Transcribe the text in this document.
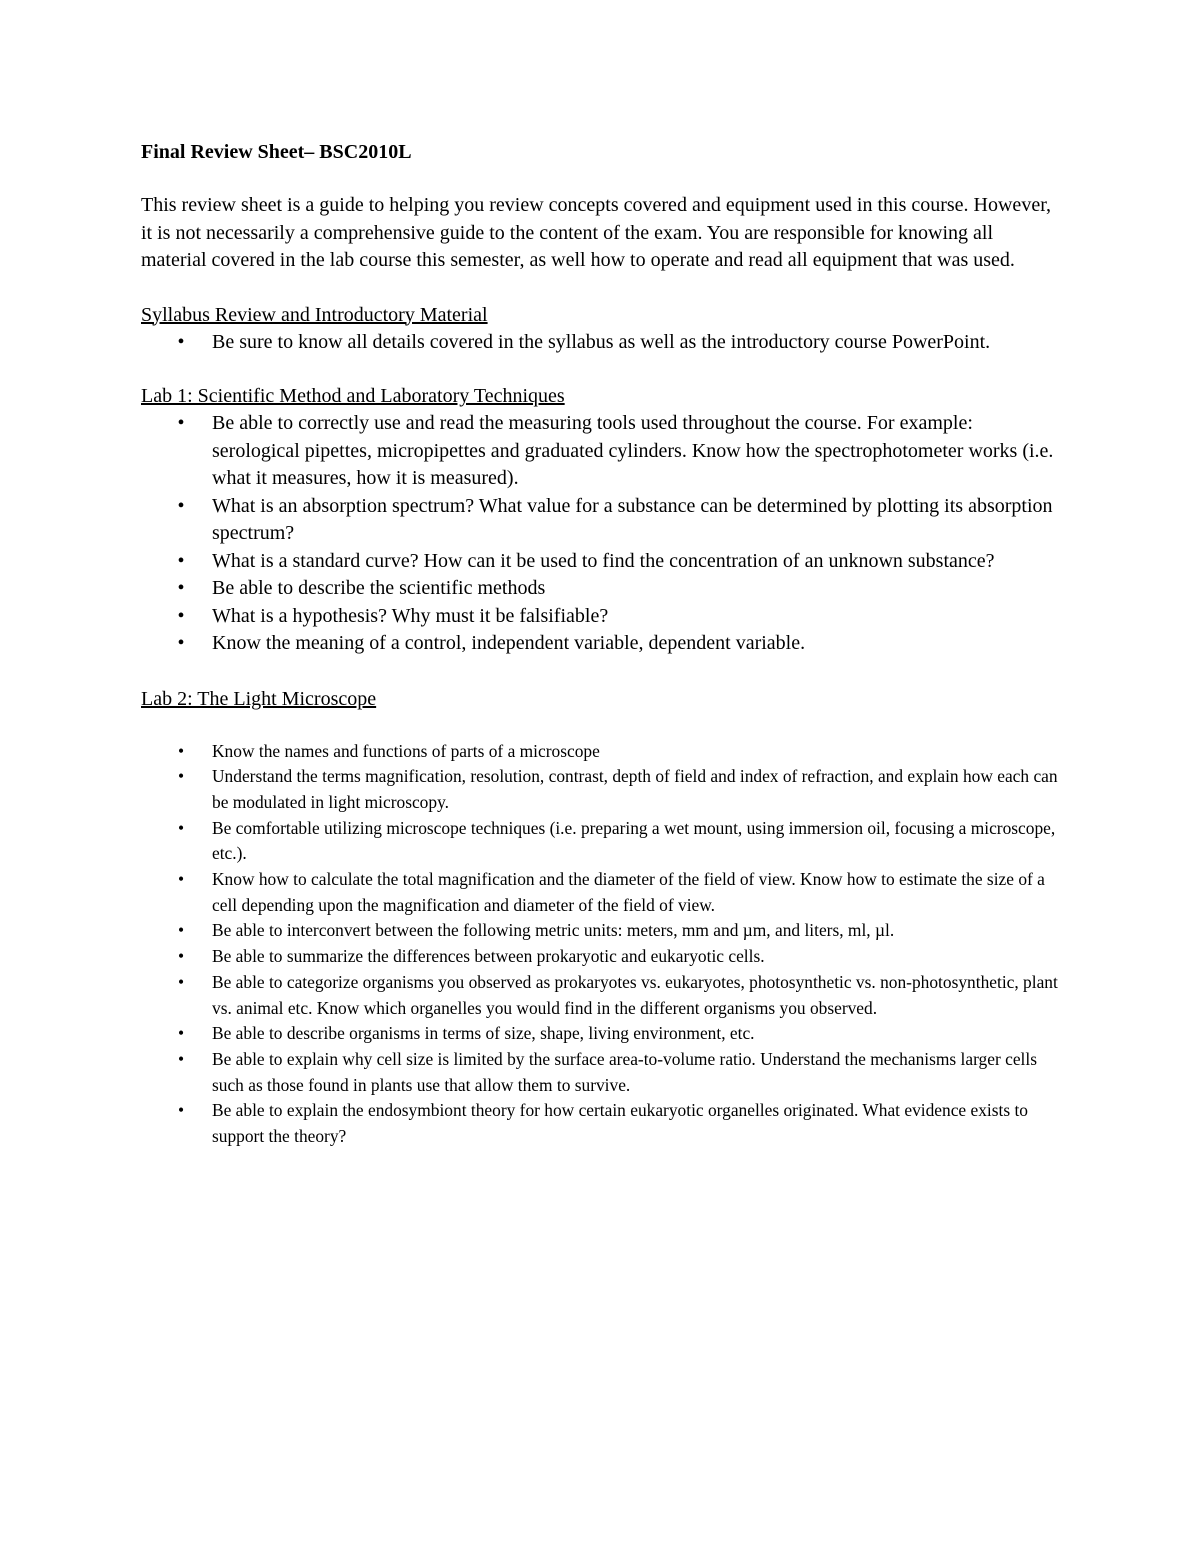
Final Review Sheet– BSC2010L
This review sheet is a guide to helping you review concepts covered and equipment used in this course. However, it is not necessarily a comprehensive guide to the content of the exam. You are responsible for knowing all material covered in the lab course this semester, as well how to operate and read all equipment that was used.
Syllabus Review and Introductory Material
• Be sure to know all details covered in the syllabus as well as the introductory course PowerPoint.
Lab 1: Scientific Method and Laboratory Techniques
• Be able to correctly use and read the measuring tools used throughout the course. For example: serological pipettes, micropipettes and graduated cylinders. Know how the spectrophotometer works (i.e. what it measures, how it is measured).
• What is an absorption spectrum? What value for a substance can be determined by plotting its absorption spectrum?
• What is a standard curve? How can it be used to find the concentration of an unknown substance?
• Be able to describe the scientific methods
• What is a hypothesis? Why must it be falsifiable?
• Know the meaning of a control, independent variable, dependent variable.
Lab 2: The Light Microscope
• Know the names and functions of parts of a microscope
• Understand the terms magnification, resolution, contrast, depth of field and index of refraction, and explain how each can be modulated in light microscopy.
• Be comfortable utilizing microscope techniques (i.e. preparing a wet mount, using immersion oil, focusing a microscope, etc.).
• Know how to calculate the total magnification and the diameter of the field of view. Know how to estimate the size of a cell depending upon the magnification and diameter of the field of view.
• Be able to interconvert between the following metric units: meters, mm and µm, and liters, ml, µl.
• Be able to summarize the differences between prokaryotic and eukaryotic cells.
• Be able to categorize organisms you observed as prokaryotes vs. eukaryotes, photosynthetic vs. non-photosynthetic, plant vs. animal etc. Know which organelles you would find in the different organisms you observed.
• Be able to describe organisms in terms of size, shape, living environment, etc.
• Be able to explain why cell size is limited by the surface area-to-volume ratio. Understand the mechanisms larger cells such as those found in plants use that allow them to survive.
• Be able to explain the endosymbiont theory for how certain eukaryotic organelles originated. What evidence exists to support the theory?
